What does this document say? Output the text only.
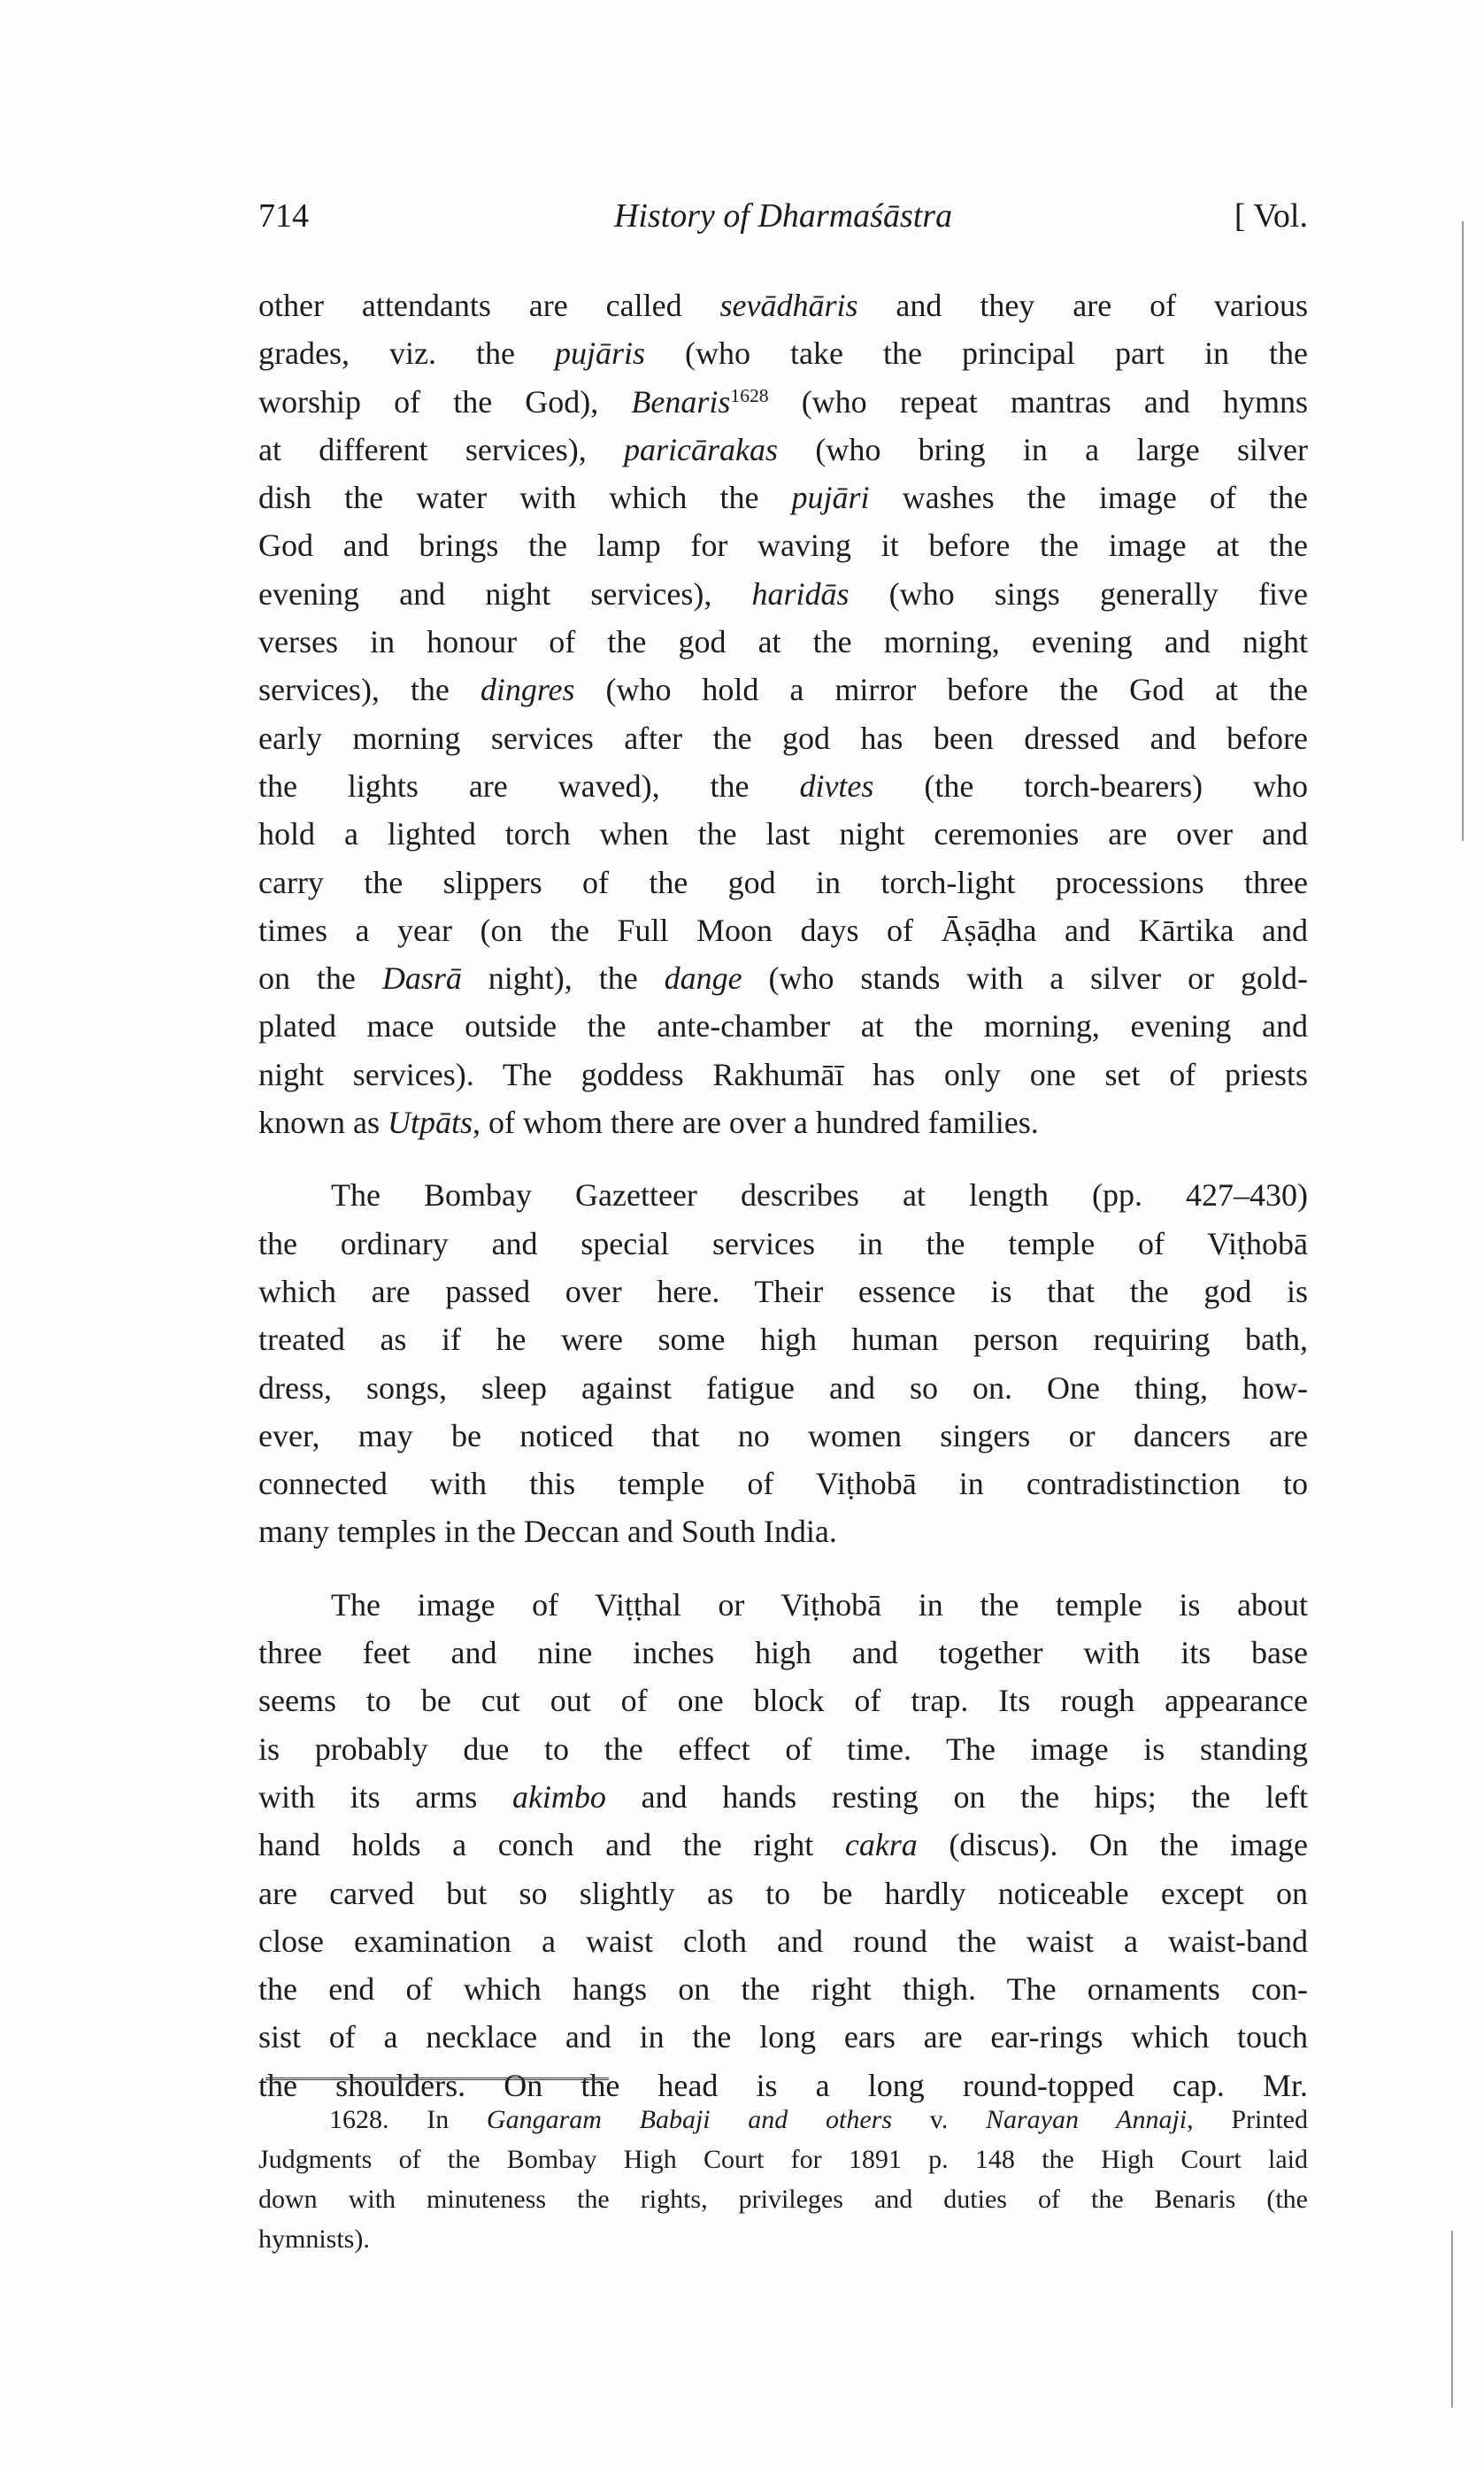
714	History of Dharmaśāstra	[ Vol.

other attendants are called sevādhāris and they are of various
grades, viz. the pujāris (who take the principal part in the
worship of the God), Benaris$^{1628}$ (who repeat mantras and hymns
at different services), paricārakas (who bring in a large silver
dish the water with which the pujāri washes the image of the
God and brings the lamp for waving it before the image at the
evening and night services), haridās (who sings generally five
verses in honour of the god at the morning, evening and night
services), the dingres (who hold a mirror before the God at the
early morning services after the god has been dressed and before
the lights are waved), the divtes (the torch-bearers) who
hold a lighted torch when the last night ceremonies are over and
carry the slippers of the god in torch-light processions three
times a year (on the Full Moon days of Āṣāḍha and Kārtika and
on the Dasrā night), the dange (who stands with a silver or gold-
plated mace outside the ante-chamber at the morning, evening and
night services). The goddess Rakhumāī has only one set of priests
known as Utpāts, of whom there are over a hundred families.

The Bombay Gazetteer describes at length (pp. 427–430)
the ordinary and special services in the temple of Viṭhobā
which are passed over here. Their essence is that the god is
treated as if he were some high human person requiring bath,
dress, songs, sleep against fatigue and so on. One thing, how-
ever, may be noticed that no women singers or dancers are
connected with this temple of Viṭhobā in contradistinction to
many temples in the Deccan and South India.

The image of Viṭṭhal or Viṭhobā in the temple is about
three feet and nine inches high and together with its base
seems to be cut out of one block of trap. Its rough appearance
is probably due to the effect of time. The image is standing
with its arms akimbo and hands resting on the hips; the left
hand holds a conch and the right cakra (discus). On the image
are carved but so slightly as to be hardly noticeable except on
close examination a waist cloth and round the waist a waist-band
the end of which hangs on the right thigh. The ornaments con-
sist of a necklace and in the long ears are ear-rings which touch
the shoulders. On the head is a long round-topped cap. Mr.

1628. In Gangaram Babaji and others v. Narayan Annaji, Printed
Judgments of the Bombay High Court for 1891 p. 148 the High Court laid
down with minuteness the rights, privileges and duties of the Benaris (the
hymnists).
